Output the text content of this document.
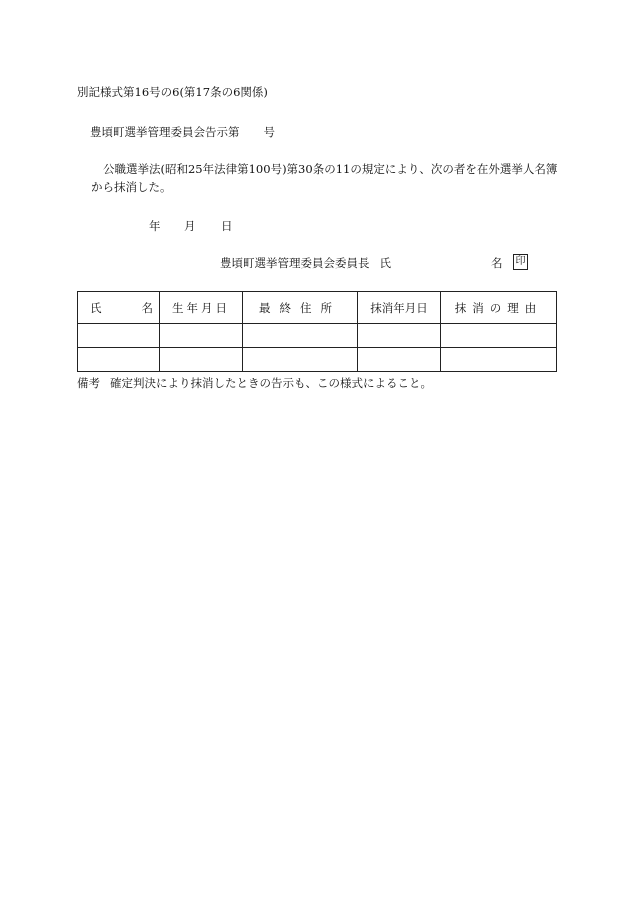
別記様式第16号の6(第17条の6関係)
豊頃町選挙管理委員会告示第 号
公職選挙法(昭和25年法律第100号)第30条の11の規定により、次の者を在外選挙人名簿
から抹消した。
年 月 日
豊頃町選挙管理委員会委員長 氏	名 印
氏 名	生年月日	最終住所	抹消年月日	抹消の理由

備考 確定判決により抹消したときの告示も、この様式によること。
